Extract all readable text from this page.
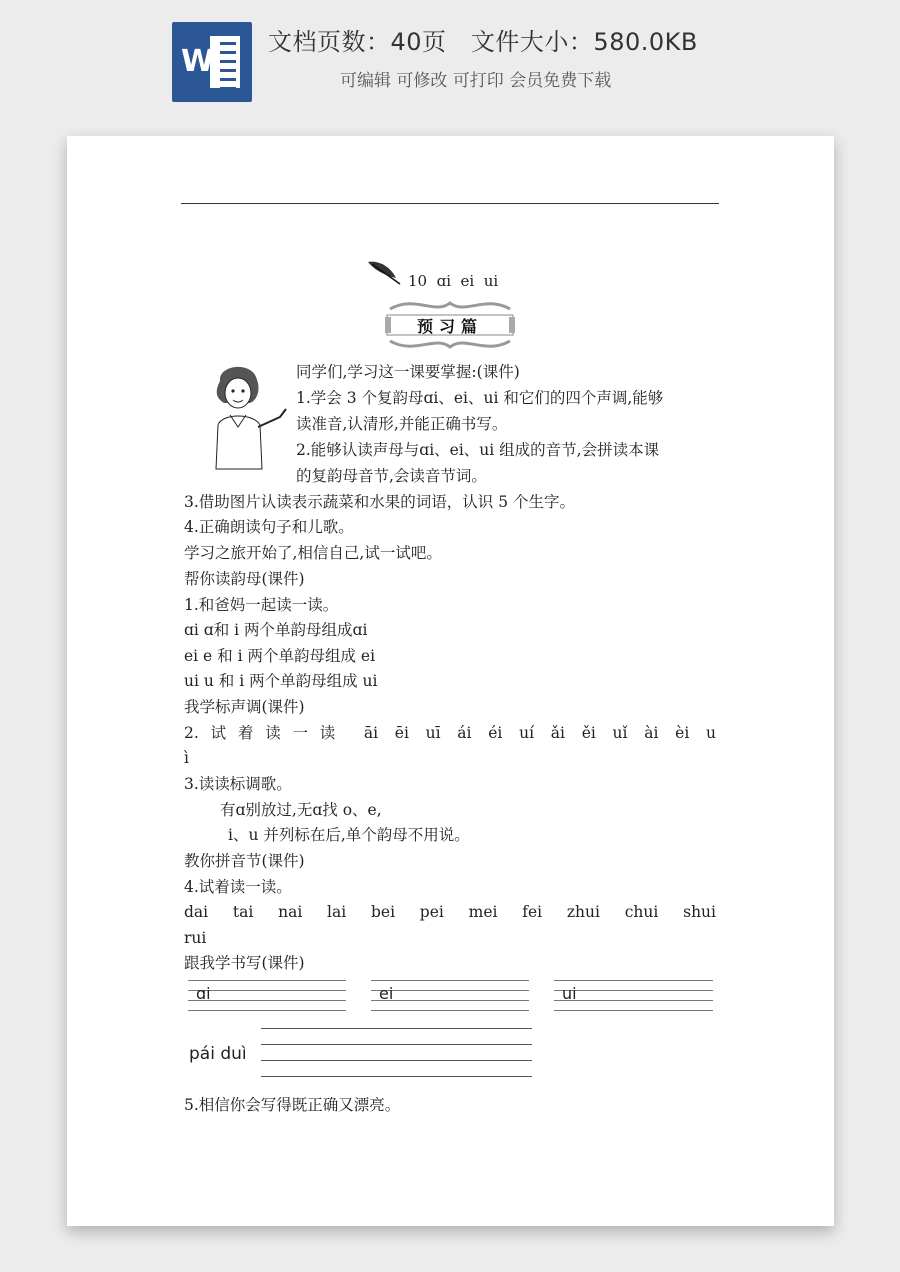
W
文档页数：40页   文件大小：580.0KB
可编辑 可修改 可打印 会员免费下载
10  ɑi  ei  ui
预习篇
同学们,学习这一课要掌握:(课件)
1.学会 3 个复韵母ɑi、ei、ui 和它们的四个声调,能够
读准音,认清形,并能正确书写。
2.能够认读声母与ɑi、ei、ui 组成的音节,会拼读本课
的复韵母音节,会读音节词。
3.借助图片认读表示蔬菜和水果的词语，认识 5 个生字。
4.正确朗读句子和儿歌。
学习之旅开始了,相信自己,试一试吧。
帮你读韵母(课件)
1.和爸妈一起读一读。
ɑi ɑ和 i 两个单韵母组成ɑi
ei e 和 i 两个单韵母组成 ei
ui u 和 i 两个单韵母组成 ui
我学标声调(课件)
2.试着读一读 āi ēi uī ái éi uí ǎi ěi uǐ ài èi u
ì
3.读读标调歌。
有ɑ别放过,无ɑ找 o、e,
i、u 并列标在后,单个韵母不用说。
教你拼音节(课件)
4.试着读一读。
dai tai nai lai bei pei mei fei zhui chui shui
rui
跟我学书写(课件)
ɑi	ei	ui
pái duì
5.相信你会写得既正确又漂亮。
